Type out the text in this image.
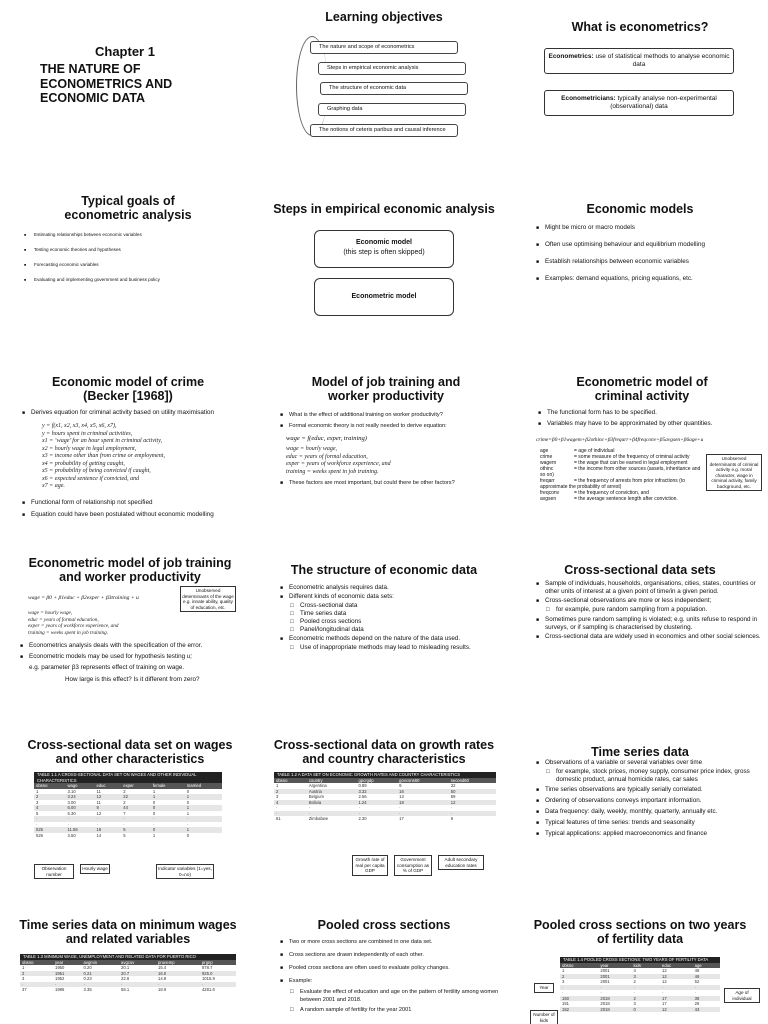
Chapter 1
THE NATURE OF ECONOMETRICS AND ECONOMIC DATA
Learning objectives
The nature and scope of econometrics
Steps in empirical economic analysis
The structure of economic data
Graphing data
The notions of ceteris paribus and causal inference
What is econometrics?
Econometrics: use of statistical methods to analyse economic data
Econometricians: typically analyse non-experimental (observational) data
Typical goals of econometric analysis
■ Estimating relationships between economic variables
■ Testing economic theories and hypotheses
■ Forecasting economic variables
■ Evaluating and implementing government and business policy
Steps in empirical economic analysis
Economic model
(this step is often skipped)
Econometric model
Economic models
■ Might be micro or macro models
■ Often use optimising behaviour and equilibrium modelling
■ Establish relationships between economic variables
■ Examples: demand equations, pricing equations, etc.
Economic model of crime (Becker [1968])
■ Derives equation for criminal activity based on utility maximisation
y = f(x1, x2, x3, x4, x5, x6, x7),
y = hours spent in criminal activities,
x1 = ‘wage’ for an hour spent in criminal activity,
x2 = hourly wage in legal employment,
x3 = income other than from crime or employment,
x4 = probability of getting caught,
x5 = probability of being convicted if caught,
x6 = expected sentence if convicted, and
x7 = age.
■ Functional form of relationship not specified
■ Equation could have been postulated without economic modelling
Model of job training and worker productivity
■ What is the effect of additional training on worker productivity?
■ Formal economic theory is not really needed to derive equation:
wage = f(educ, exper, training)
wage = hourly wage,
educ = years of formal education,
exper = years of workforce experience, and
training = weeks spent in job training.
■ These factors are most important, but could there be other factors?
Econometric model of criminal activity
■ The functional form has to be specified.
■ Variables may have to be approximated by other quantities.
crime=β0+β1wagem+β2othinc+β3freqarr+β4freqconv+β5avgsen+β6age+u
age	= age of individual
crime	= some measure of the frequency of criminal activity
wagem	= the wage that can be earned in legal employment
othinc	= the income from other sources (assets, inheritance and so on)
freqarr	= the frequency of arrests from prior infractions (to approximate the probability of arrest)
freqconv	= the frequency of conviction, and
avgsen	= the average sentence length after conviction.
Unobserved determinants of criminal activity e.g. moral character, wage in criminal activity, family background, etc.
Econometric model of job training and worker productivity
wage = β0 + β1educ + β2exper + β3training + u
Unobserved determinants of the wage e.g. innate ability, quality of education, etc.
wage = hourly wage,
educ = years of formal education,
exper = years of workforce experience, and
training = weeks spent in job training.
■ Econometrics analysis deals with the specification of the error.
■ Econometric models may be used for hypothesis testing u;
e.g. parameter β3 represents effect of training on wage.
How large is this effect? Is it different from zero?
The structure of economic data
■ Econometric analysis requires data.
■ Different kinds of economic data sets:
□ Cross-sectional data
□ Time series data
□ Pooled cross sections
□ Panel/longitudinal data
■ Econometric methods depend on the nature of the data used.
□ Use of inappropriate methods may lead to misleading results.
Cross-sectional data sets
■ Sample of individuals, households, organisations, cities, states, countries or other units of interest at a given point of time/in a given period.
■ Cross-sectional observations are more or less independent;
□ for example, pure random sampling from a population.
■ Sometimes pure random sampling is violated; e.g. units refuse to respond in surveys, or if sampling is characterised by clustering.
■ Cross-sectional data are widely used in economics and other social sciences.
Cross-sectional data set on wages and other characteristics
TABLE 1.1 A CROSS-SECTIONAL DATA SET ON WAGES AND OTHER INDIVIDUAL CHARACTERISTICS
obsno	wage	educ	exper	female	married
1	3.10	11	2	1	0
2	3.24	12	22	1	1
3	3.00	11	2	0	0
4	6.00	8	44	0	1
5	5.30	12	7	0	1
·	·	·	·	·	·
·	·	·	·	·	·
525	11.56	16	5	0	1
526	3.50	14	5	1	0
Observation number
Hourly wage	Indicator variables (1=yes, 0=no)
Cross-sectional data on growth rates and country characteristics
TABLE 1.2 A DATA SET ON ECONOMIC GROWTH RATES AND COUNTRY CHARACTERISTICS
obsno	country	gpcrgdp	govcons60	second60
1	Argentina	0.89	9	32
2	Austria	3.32	16	50
3	Belgium	2.56	13	69
4	Bolivia	1.24	18	12
·	·	·	·	·
·	·	·	·	·
61	Zimbabwe	2.30	17	6
Growth rate of real per capita GDP
Government consumption as % of GDP
Adult secondary education rates
Time series data
■ Observations of a variable or several variables over time
□ for example, stock prices, money supply, consumer price index, gross domestic product, annual homicide rates, car sales
■ Time series observations are typically serially correlated.
■ Ordering of observations conveys important information.
■ Data frequency: daily, weekly, monthly, quarterly, annually etc.
■ Typical features of time series: trends and seasonality
■ Typical applications: applied macroeconomics and finance
Time series data on minimum wages and related variables
TABLE 1.3 MINIMUM WAGE, UNEMPLOYMENT AND RELATED DATA FOR PUERTO RICO
obsno	year	avgmin	avgcov	prunemp	prgnp
1	1950	0.20	20.1	15.4	878.7
2	1951	0.21	20.7	16.0	925.0
3	1952	0.23	22.6	14.8	1015.9
·	·	·	·	·	·
37	1986	3.35	58.1	18.9	4281.6
Pooled cross sections
■ Two or more cross sections are combined in one data set.
■ Cross sections are drawn independently of each other.
■ Pooled cross sections are often used to evaluate policy changes.
■ Example:
□ Evaluate the effect of education and age on the pattern of fertility among women between 2001 and 2018.
□ A random sample of fertility for the year 2001
Pooled cross sections on two years of fertility data
TABLE 1.4 POOLED CROSS SECTIONS: TWO YEARS OF FERTILITY DATA
obsno	year	kids	educ	age
1	2001	4	12	48
2	2001	3	12	46
3	2001	2	12	52
·	·	·	·	·
·	·	·	·	·
150	2018	2	17	38
151	2018	3	17	26
152	2018	0	12	43
Year
Number of kids
Age of individual
